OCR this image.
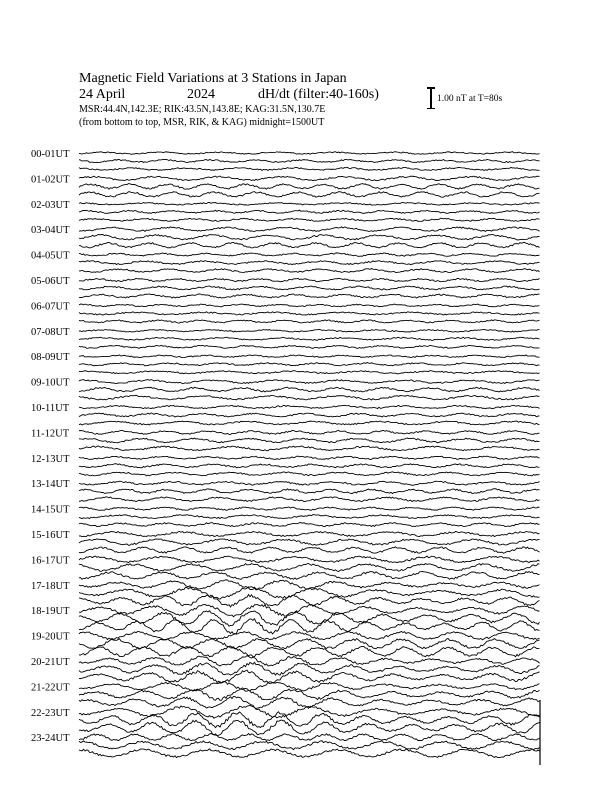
Magnetic Field Variations at 3 Stations in Japan
24 April	2024	dH/dt (filter:40-160s)
MSR:44.4N,142.3E; RIK:43.5N,143.8E; KAG:31.5N,130.7E
(from bottom to top, MSR, RIK, & KAG) midnight=1500UT
1.00 nT at T=80s
00-01UT
01-02UT
02-03UT
03-04UT
04-05UT
05-06UT
06-07UT
07-08UT
08-09UT
09-10UT
10-11UT
11-12UT
12-13UT
13-14UT
14-15UT
15-16UT
16-17UT
17-18UT
18-19UT
19-20UT
20-21UT
21-22UT
22-23UT
23-24UT
